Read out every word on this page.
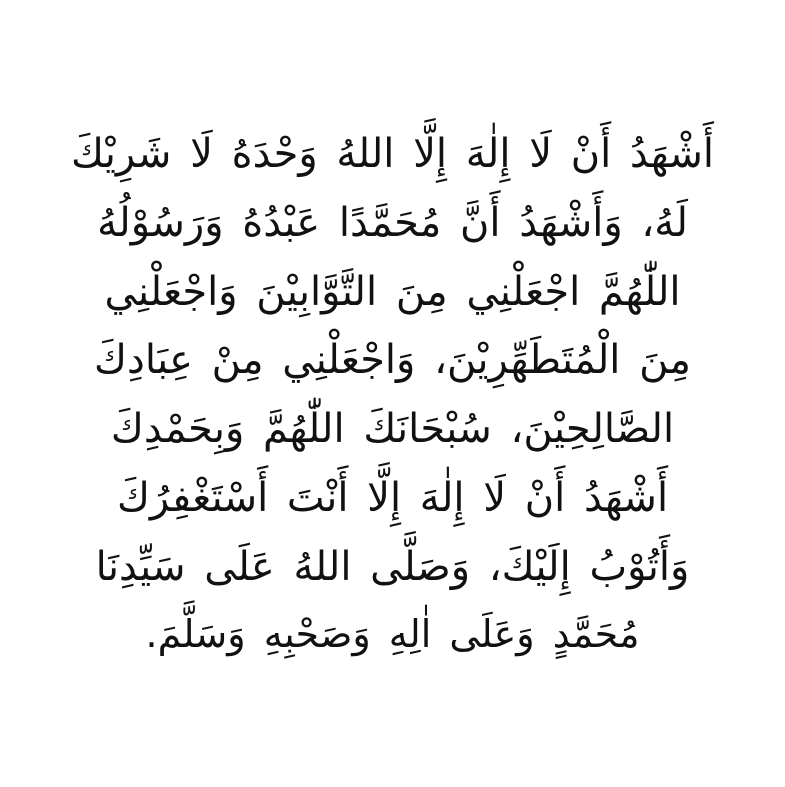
أَشْهَدُ أَنْ لَا إِلٰهَ إِلَّا اللهُ وَحْدَهُ لَا شَرِيْكَ
لَهُ، وَأَشْهَدُ أَنَّ مُحَمَّدًا عَبْدُهُ وَرَسُوْلُهُ
اللّٰهُمَّ اجْعَلْنِي مِنَ التَّوَّابِيْنَ وَاجْعَلْنِي
مِنَ الْمُتَطَهِّرِيْنَ، وَاجْعَلْنِي مِنْ عِبَادِكَ
الصَّالِحِيْنَ، سُبْحَانَكَ اللّٰهُمَّ وَبِحَمْدِكَ
أَشْهَدُ أَنْ لَا إِلٰهَ إِلَّا أَنْتَ أَسْتَغْفِرُكَ
وَأَتُوْبُ إِلَيْكَ، وَصَلَّى اللهُ عَلَى سَيِّدِنَا
مُحَمَّدٍ وَعَلَى اٰلِهِ وَصَحْبِهِ وَسَلَّمَ.
